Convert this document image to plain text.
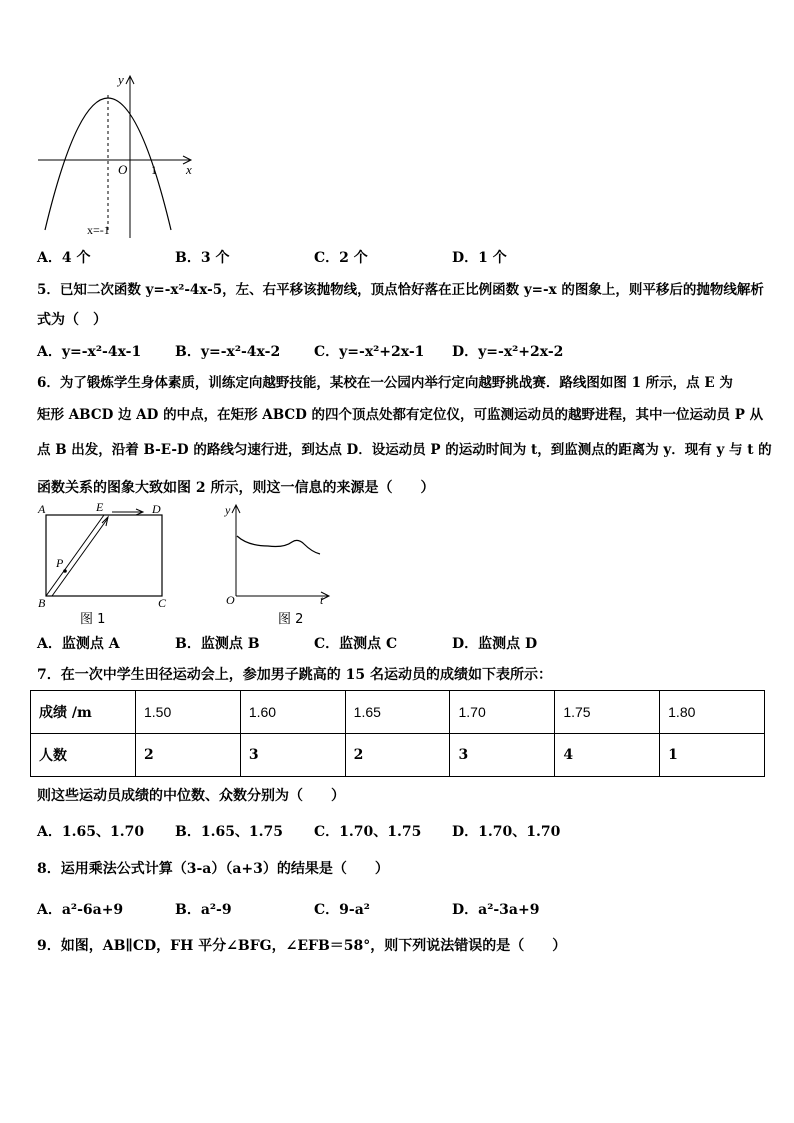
y
x
O 1
x=-1
A．4 个	B．3 个	C．2 个	D．1 个
5．已知二次函数 y=-x²-4x-5，左、右平移该抛物线，顶点恰好落在正比例函数 y=-x 的图象上，则平移后的抛物线解析
式为（　）
A．y=-x²-4x-1 B．y=-x²-4x-2 C．y=-x²+2x-1 D．y=-x²+2x-2
6．为了锻炼学生身体素质，训练定向越野技能，某校在一公园内举行定向越野挑战赛．路线图如图 1 所示，点 E 为
矩形 ABCD 边 AD 的中点，在矩形 ABCD 的四个顶点处都有定位仪，可监测运动员的越野进程，其中一位运动员 P 从
点 B 出发，沿着 B-E-D 的路线匀速行进，到达点 D．设运动员 P 的运动时间为 t，到监测点的距离为 y．现有 y 与 t 的
函数关系的图象大致如图 2 所示，则这一信息的来源是（　　）
A	E	D
P
B	C
图 1
y
O	t
图 2
A．监测点 A	B．监测点 B	C．监测点 C	D．监测点 D
7．在一次中学生田径运动会上，参加男子跳高的 15 名运动员的成绩如下表所示：
成绩 /m	1.50	1.60	1.65	1.70	1.75	1.80
人数	2	3	2	3	4	1
则这些运动员成绩的中位数、众数分别为（　　）
A．1.65、1.70 B．1.65、1.75 C．1.70、1.75 D．1.70、1.70
8．运用乘法公式计算（3-a）（a+3）的结果是（　　）
A．a²-6a+9	B．a²-9	C．9-a²	D．a²-3a+9
9．如图，AB∥CD，FH 平分∠BFG，∠EFB＝58°，则下列说法错误的是（　　）
